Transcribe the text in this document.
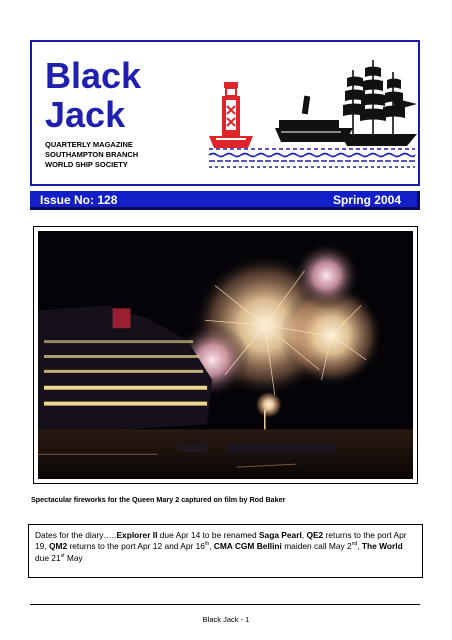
Black
Jack
QUARTERLY MAGAZINE
SOUTHAMPTON BRANCH
WORLD SHIP SOCIETY
Issue No: 128	Spring 2004
Spectacular fireworks for the Queen Mary 2 captured on film by Rod Baker
Dates for the diary…..Explorer II due Apr 14 to be renamed Saga Pearl, QE2 returns to the port Apr 19, QM2 returns to the port Apr 12 and Apr 16th, CMA CGM Bellini maiden call May 2nd, The World due 21st May
Black Jack - 1
